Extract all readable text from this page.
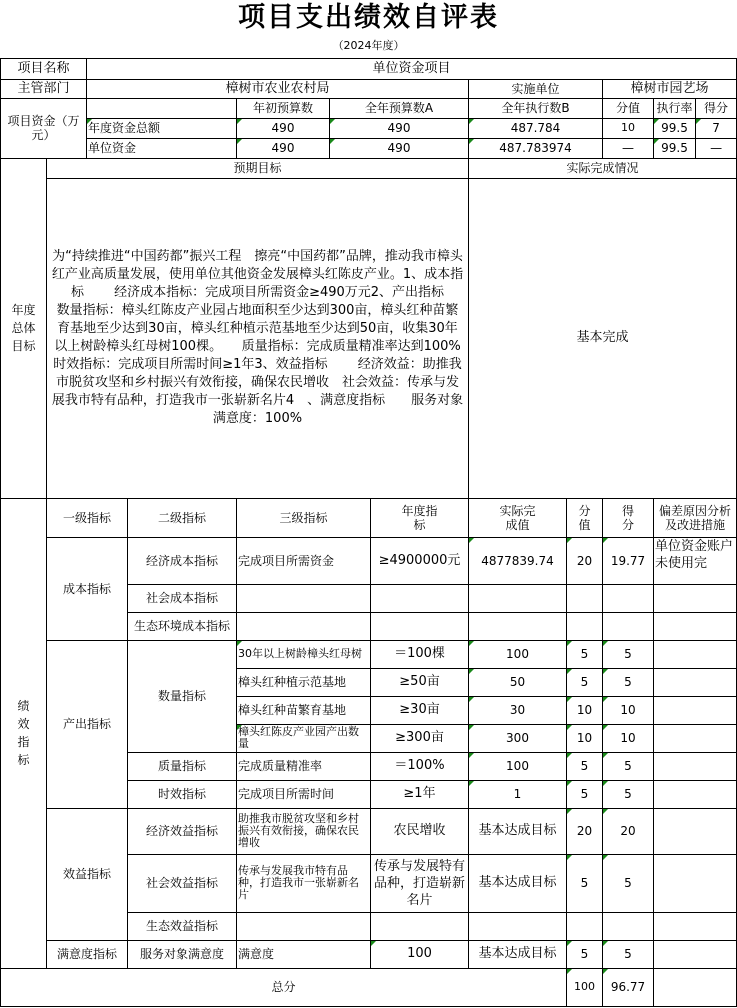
项目支出绩效自评表											
（2024年度）											
项目名称		单位资金项目									
主管部门		樟树市农业农村局					实施单位		樟树市园艺场		
项目资金（万元）				年初预算数	全年预算数A		全年执行数B		分值	执行率	得分
		年度资金总额		490	490		487.784		10	99.5	7
		单位资金		490	490		487.783974		—	99.5	—

年度总体目标	预期目标						实际完成情况				
	为“持续推进“中国药都”振兴工程　擦亮“中国药都”品牌，推动我市樟头红产业高质量发展，使用单位其他资金发展樟头红陈皮产业。1、成本指标　　 经济成本指标：完成项目所需资金≥490万元2、产出指标　　 数量指标：樟头红陈皮产业园占地面积至少达到300亩，樟头红种苗繁育基地至少达到30亩，樟头红种植示范基地至少达到50亩，收集30年以上树龄樟头红母树100棵。　　质量指标：完成质量精准率达到100%　时效指标：完成项目所需时间≥1年3、效益指标　　 经济效益：助推我市脱贫攻坚和乡村振兴有效衔接，确保农民增收　社会效益：传承与发展我市特有品种，打造我市一张崭新名片4　、满意度指标　　服务对象满意度：100%						基本完成				

绩效指标	一级指标		二级指标	三级指标		年度指标	实际完成值	分值	得分	偏差原因分析及改进措施	
	成本指标		经济成本指标	完成项目所需资金		≥4900000元	4877839.74	20	19.77	单位资金账户未使用完	
			社会成本指标								
			生态环境成本指标								
	产出指标		数量指标	30年以上树龄樟头红母树		＝100棵	100	5	5		
				樟头红种植示范基地		≥50亩	50	5	5		
				樟头红种苗繁育基地		≥30亩	30	10	10		
				樟头红陈皮产业园产出数量		≥300亩	300	10	10		
			质量指标	完成质量精准率		＝100%	100	5	5		
			时效指标	完成项目所需时间		≥1年	1	5	5		
	效益指标		经济效益指标	助推我市脱贫攻坚和乡村振兴有效衔接，确保农民增收		农民增收	基本达成目标	20	20		
			社会效益指标	传承与发展我市特有品种，打造我市一张崭新名片		传承与发展特有品种，打造崭新名片	基本达成目标	5	5		
			生态效益指标								
	满意度指标		服务对象满意度	满意度		100	基本达成目标	5	5		
总分								100	96.77		
